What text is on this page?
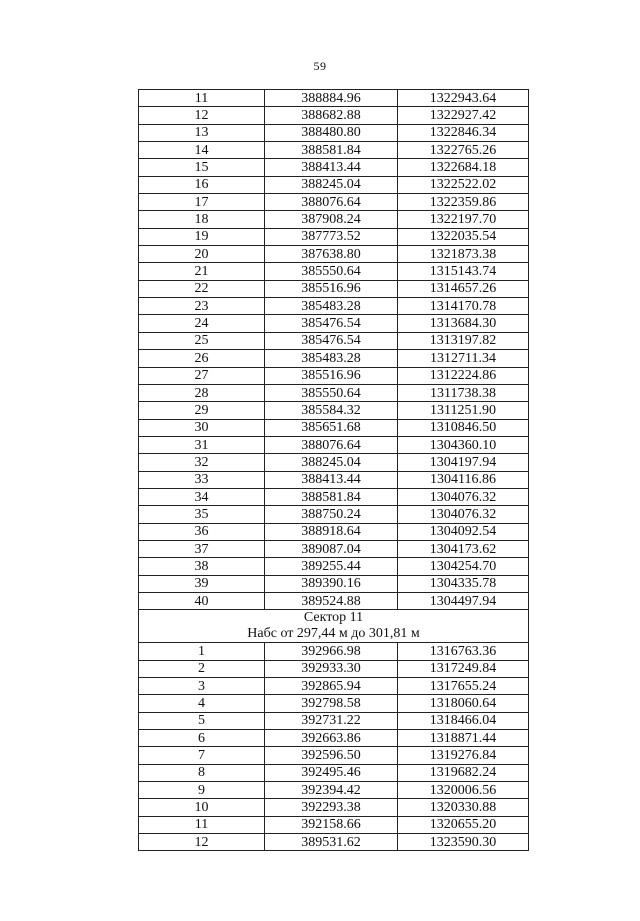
59
11	388884.96	1322943.64
12	388682.88	1322927.42
13	388480.80	1322846.34
14	388581.84	1322765.26
15	388413.44	1322684.18
16	388245.04	1322522.02
17	388076.64	1322359.86
18	387908.24	1322197.70
19	387773.52	1322035.54
20	387638.80	1321873.38
21	385550.64	1315143.74
22	385516.96	1314657.26
23	385483.28	1314170.78
24	385476.54	1313684.30
25	385476.54	1313197.82
26	385483.28	1312711.34
27	385516.96	1312224.86
28	385550.64	1311738.38
29	385584.32	1311251.90
30	385651.68	1310846.50
31	388076.64	1304360.10
32	388245.04	1304197.94
33	388413.44	1304116.86
34	388581.84	1304076.32
35	388750.24	1304076.32
36	388918.64	1304092.54
37	389087.04	1304173.62
38	389255.44	1304254.70
39	389390.16	1304335.78
40	389524.88	1304497.94

Сектор 11
Набс от 297,44 м до 301,81 м		

1	392966.98	1316763.36
2	392933.30	1317249.84
3	392865.94	1317655.24
4	392798.58	1318060.64
5	392731.22	1318466.04
6	392663.86	1318871.44
7	392596.50	1319276.84
8	392495.46	1319682.24
9	392394.42	1320006.56
10	392293.38	1320330.88
11	392158.66	1320655.20
12	389531.62	1323590.30
